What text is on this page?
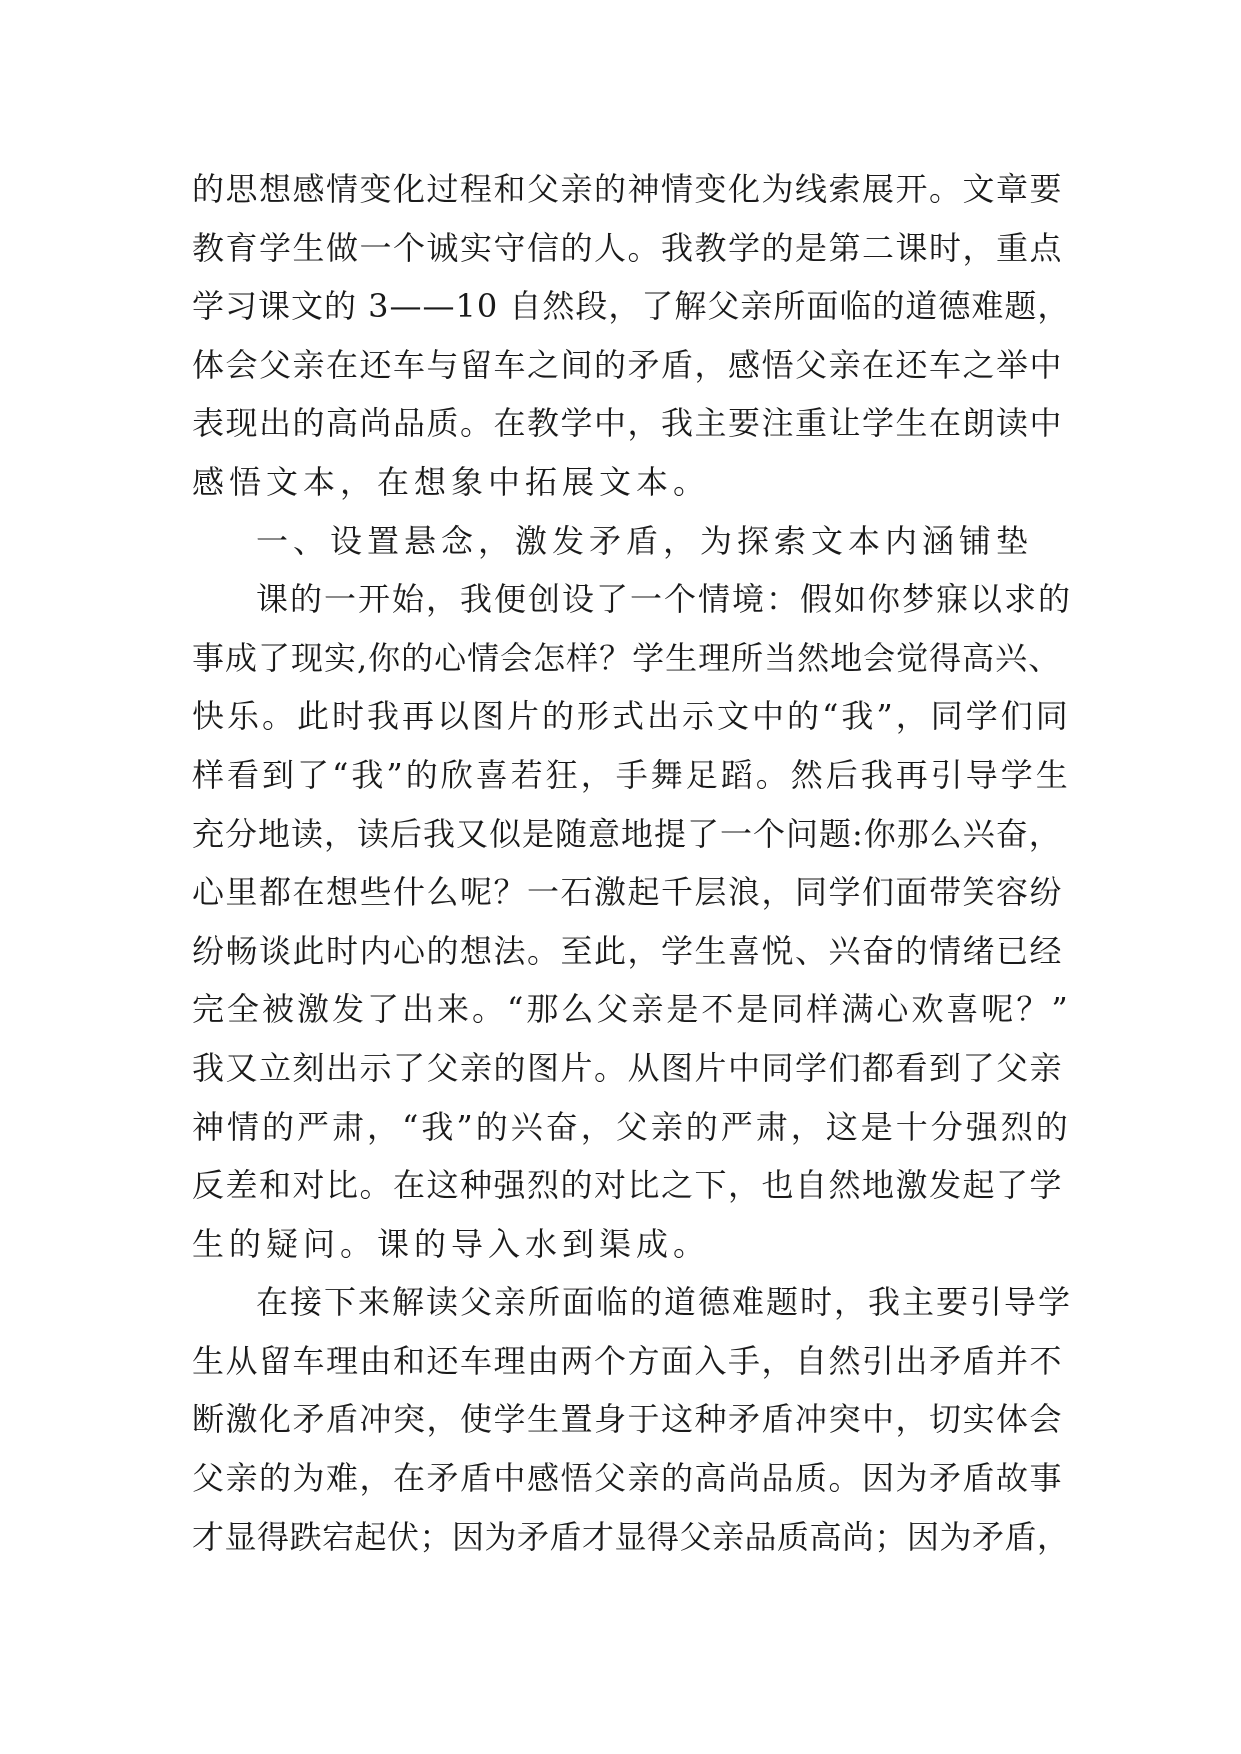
的思想感情变化过程和父亲的神情变化为线索展开。文章要
教育学生做一个诚实守信的人。我教学的是第二课时，重点
学习课文的 3——10 自然段，了解父亲所面临的道德难题，
体会父亲在还车与留车之间的矛盾，感悟父亲在还车之举中
表现出的高尚品质。在教学中，我主要注重让学生在朗读中
感悟文本，在想象中拓展文本。
一、设置悬念，激发矛盾，为探索文本内涵铺垫
课的一开始，我便创设了一个情境：假如你梦寐以求的
事成了现实,你的心情会怎样？学生理所当然地会觉得高兴、
快乐。此时我再以图片的形式出示文中的“我”，同学们同
样看到了“我”的欣喜若狂，手舞足蹈。然后我再引导学生
充分地读，读后我又似是随意地提了一个问题:你那么兴奋，
心里都在想些什么呢？一石激起千层浪，同学们面带笑容纷
纷畅谈此时内心的想法。至此，学生喜悦、兴奋的情绪已经
完全被激发了出来。“那么父亲是不是同样满心欢喜呢？”
我又立刻出示了父亲的图片。从图片中同学们都看到了父亲
神情的严肃，“我”的兴奋，父亲的严肃，这是十分强烈的
反差和对比。在这种强烈的对比之下，也自然地激发起了学
生的疑问。课的导入水到渠成。
在接下来解读父亲所面临的道德难题时，我主要引导学
生从留车理由和还车理由两个方面入手，自然引出矛盾并不
断激化矛盾冲突，使学生置身于这种矛盾冲突中，切实体会
父亲的为难，在矛盾中感悟父亲的高尚品质。因为矛盾故事
才显得跌宕起伏；因为矛盾才显得父亲品质高尚；因为矛盾，
